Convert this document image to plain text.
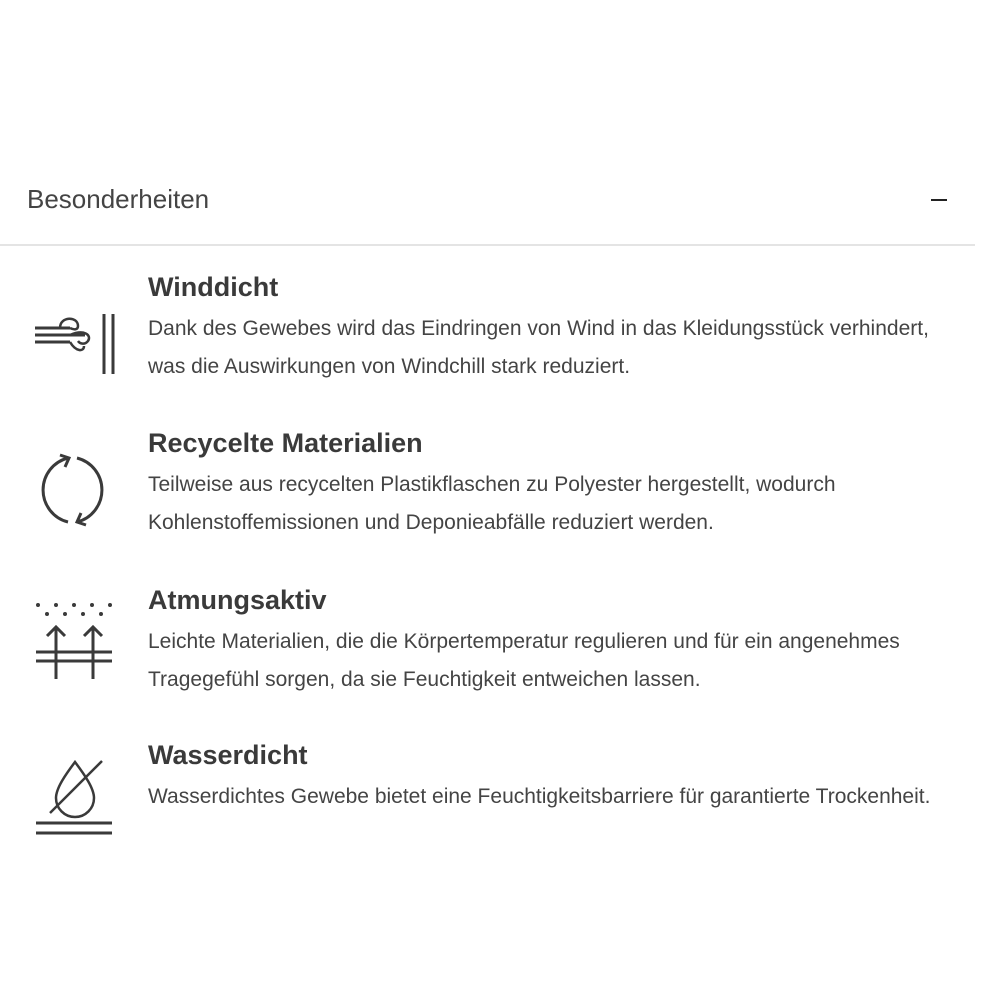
Besonderheiten
Winddicht
Dank des Gewebes wird das Eindringen von Wind in das Kleidungsstück verhindert, was die Auswirkungen von Windchill stark reduziert.
Recycelte Materialien
Teilweise aus recycelten Plastikflaschen zu Polyester hergestellt, wodurch Kohlenstoffemissionen und Deponieabfälle reduziert werden.
Atmungsaktiv
Leichte Materialien, die die Körpertemperatur regulieren und für ein angenehmes Tragegefühl sorgen, da sie Feuchtigkeit entweichen lassen.
Wasserdicht
Wasserdichtes Gewebe bietet eine Feuchtigkeitsbarriere für garantierte Trockenheit.
